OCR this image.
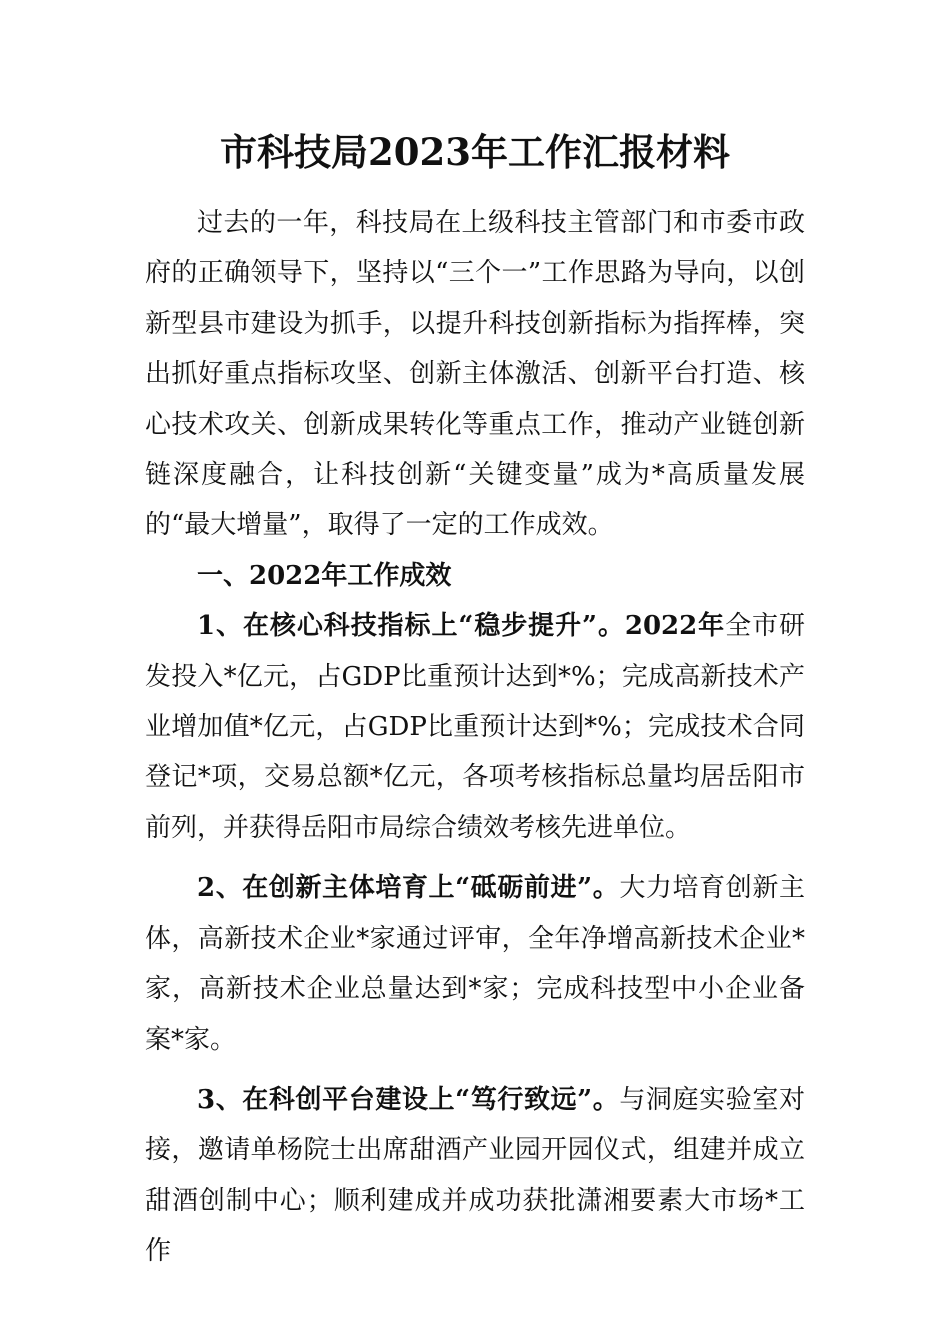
市科技局2023年工作汇报材料

过去的一年，科技局在上级科技主管部门和市委市政府的正确领导下，坚持以“三个一”工作思路为导向，以创新型县市建设为抓手，以提升科技创新指标为指挥棒，突出抓好重点指标攻坚、创新主体激活、创新平台打造、核心技术攻关、创新成果转化等重点工作，推动产业链创新链深度融合，让科技创新“关键变量”成为*高质量发展的“最大增量”，取得了一定的工作成效。

一、2022年工作成效

1、在核心科技指标上“稳步提升”。2022年全市研发投入*亿元，占GDP比重预计达到*%；完成高新技术产业增加值*亿元，占GDP比重预计达到*%；完成技术合同登记*项，交易总额*亿元，各项考核指标总量均居岳阳市前列，并获得岳阳市局综合绩效考核先进单位。

2、在创新主体培育上“砥砺前进”。大力培育创新主体，高新技术企业*家通过评审，全年净增高新技术企业*家，高新技术企业总量达到*家；完成科技型中小企业备案*家。

3、在科创平台建设上“笃行致远”。与洞庭实验室对接，邀请单杨院士出席甜酒产业园开园仪式，组建并成立甜酒创制中心；顺利建成并成功获批潇湘要素大市场*工作
